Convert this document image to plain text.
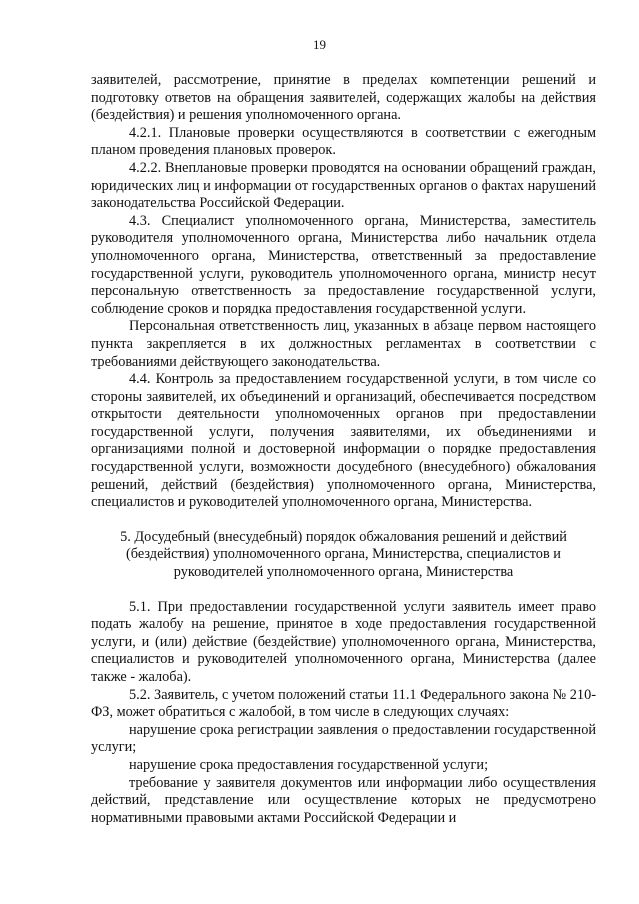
19

заявителей, рассмотрение, принятие в пределах компетенции решений и подготовку ответов на обращения заявителей, содержащих жалобы на действия (бездействия) и решения уполномоченного органа.

4.2.1. Плановые проверки осуществляются в соответствии с ежегодным планом проведения плановых проверок.

4.2.2. Внеплановые проверки проводятся на основании обращений граждан, юридических лиц и информации от государственных органов о фактах нарушений законодательства Российской Федерации.

4.3. Специалист уполномоченного органа, Министерства, заместитель руководителя уполномоченного органа, Министерства либо начальник отдела уполномоченного органа, Министерства, ответственный за предоставление государственной услуги, руководитель уполномоченного органа, министр несут персональную ответственность за предоставление государственной услуги, соблюдение сроков и порядка предоставления государственной услуги.

Персональная ответственность лиц, указанных в абзаце первом настоящего пункта закрепляется в их должностных регламентах в соответствии с требованиями действующего законодательства.

4.4. Контроль за предоставлением государственной услуги, в том числе со стороны заявителей, их объединений и организаций, обеспечивается посредством открытости деятельности уполномоченных органов при предоставлении государственной услуги, получения заявителями, их объединениями и организациями полной и достоверной информации о порядке предоставления государственной услуги, возможности досудебного (внесудебного) обжалования решений, действий (бездействия) уполномоченного органа, Министерства, специалистов и руководителей уполномоченного органа, Министерства.

5. Досудебный (внесудебный) порядок обжалования решений и действий (бездействия) уполномоченного органа, Министерства, специалистов и руководителей уполномоченного органа, Министерства

5.1. При предоставлении государственной услуги заявитель имеет право подать жалобу на решение, принятое в ходе предоставления государственной услуги, и (или) действие (бездействие) уполномоченного органа, Министерства, специалистов и руководителей уполномоченного органа, Министерства (далее также - жалоба).

5.2. Заявитель, с учетом положений статьи 11.1 Федерального закона № 210-ФЗ, может обратиться с жалобой, в том числе в следующих случаях:

нарушение срока регистрации заявления о предоставлении государственной услуги;

нарушение срока предоставления государственной услуги;

требование у заявителя документов или информации либо осуществления действий, представление или осуществление которых не предусмотрено нормативными правовыми актами Российской Федерации и
